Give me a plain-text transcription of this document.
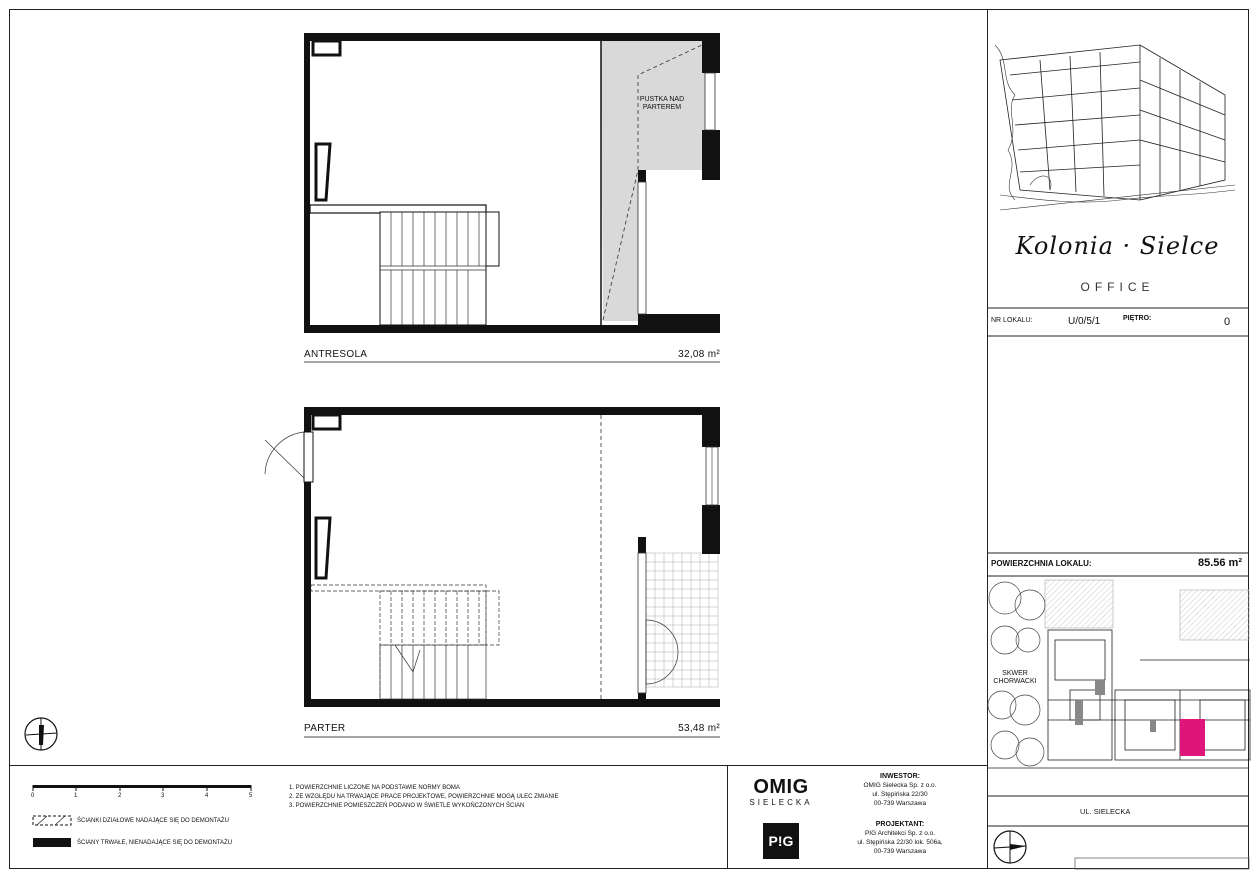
PUSTKA NAD PARTEREM
ANTRESOLA	32,08 m²
PARTER	53,48 m²
Kolonia · Sielce
OFFICE
NR LOKALU:	U/0/5/1	PIĘTRO:	0
POWIERZCHNIA LOKALU:	85.56 m²
SKWER CHORWACKI
UL. SIELECKA
0	1	2	3	4	5
ŚCIANKI DZIAŁOWE NADAJĄCE SIĘ DO DEMONTAŻU
ŚCIANY TRWAŁE, NIENADAJĄCE SIĘ DO DEMONTAŻU
1. POWIERZCHNIE LICZONE NA PODSTAWIE NORMY BOMA
2. ZE WZGLĘDU NA TRWAJĄCE PRACE PROJEKTOWE, POWIERZCHNIE MOGĄ ULEC ZMIANIE
3. POWIERZCHNIE POMIESZCZEŃ PODANO W ŚWIETLE WYKOŃCZONYCH ŚCIAN
OMIG
SIELECKA
P!G
INWESTOR:
OMIG Sielecka Sp. z o.o.
ul. Stępińska 22/30
00-739 Warszawa
PROJEKTANT:
PIG Architekci Sp. z o.o.
ul. Stępińska 22/30 lok. 506a,
00-739 Warszawa
